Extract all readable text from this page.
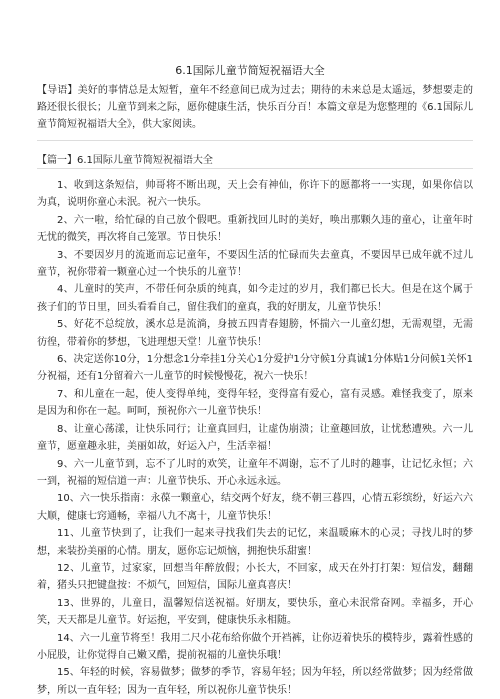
6.1国际儿童节简短祝福语大全
【导语】美好的事情总是太短暂，童年不经意间已成为过去；期待的未来总是太遥远，梦想要走的路还很长很长；儿童节到来之际，愿你健康生活，快乐百分百！本篇文章是为您整理的《6.1国际儿童节简短祝福语大全》，供大家阅读。
【篇一】6.1国际儿童节简短祝福语大全

1、收到这条短信，帅哥将不断出现，天上会有神仙，你许下的愿都将一一实现，如果你信以为真，说明你童心未泯。祝六一快乐。

2、六一啦，给忙碌的自己放个假吧。重新找回儿时的美好，唤出那颗久违的童心，让童年时无忧的微笑，再次将自己笼罩。节日快乐！

3、不要因岁月的流逝而忘记童年，不要因生活的忙碌而失去童真，不要因早已成年就不过儿童节，祝你带着一颗童心过一个快乐的儿童节！

4、儿童时的笑声，不带任何杂质的纯真，如今走过的岁月，我们都已长大。但是在这个属于孩子们的节日里，回头看看自己，留住我们的童真，我的好朋友，儿童节快乐！

5、好花不总绽放，溪水总是流淌，身披五四青春翅膀，怀揣六一儿童幻想，无需观望，无需彷徨，带着你的梦想，飞进理想天堂！儿童节快乐！

6、决定送你10分，1分想念1分牵挂1分关心1分爱护1分守候1分真诚1分体贴1分问候1关怀1分祝福，还有1分留着六一儿童节的时候慢慢花，祝六一快乐！

7、和儿童在一起，使人变得单纯，变得年轻，变得富有爱心，富有灵感。难怪我变了，原来是因为和你在一起。呵呵，预祝你六一儿童节快乐！

8、让童心荡漾，让快乐同行；让童真回归，让虚伪崩溃；让童趣回放，让忧愁遭殃。六一儿童节，愿童趣永驻，美丽如故，好运入户，生活幸福！

9、六一儿童节到，忘不了儿时的欢笑，让童年不凋谢，忘不了儿时的趣事，让记忆永恒；六一到，祝福的短信道一声：儿童节快乐、开心永远永远。

10、六一快乐指南：永葆一颗童心，结交两个好友，绕不朝三暮四，心情五彩缤纷，好运六六大顺，健康七窍通畅，幸福八九不离十，儿童节快乐！

11、儿童节快到了，让我们一起来寻找我们失去的记忆，来温暖麻木的心灵；寻找儿时的梦想，来装扮美丽的心情。朋友，愿你忘记烦恼，拥抱快乐甜蜜！

12、儿童节，过家家，回想当年醉放假；小长大，不回家，成天在外打打架：短信发，翻翻着，猪头只把键盘按：不烦气，回短信，国际儿童真喜庆！

13、世界的，儿童日，温馨短信送祝福。好朋友，要快乐，童心未泯常奋网。幸福多，开心笑，天天都是儿童节。好运抱，平安到，健康快乐永相随。

14、六一儿童节将至！我用二尺小花布给你做个开裆裤，让你迈着快乐的模特步，露着性感的小屁股，让你觉得自己嫩又酷，提前祝福的儿童快乐哦！

15、年轻的时候，容易做梦；做梦的季节，容易年轻；因为年轻，所以经常做梦；因为经常做梦，所以一直年轻；因为一直年轻，所以祝你儿童节快乐！
